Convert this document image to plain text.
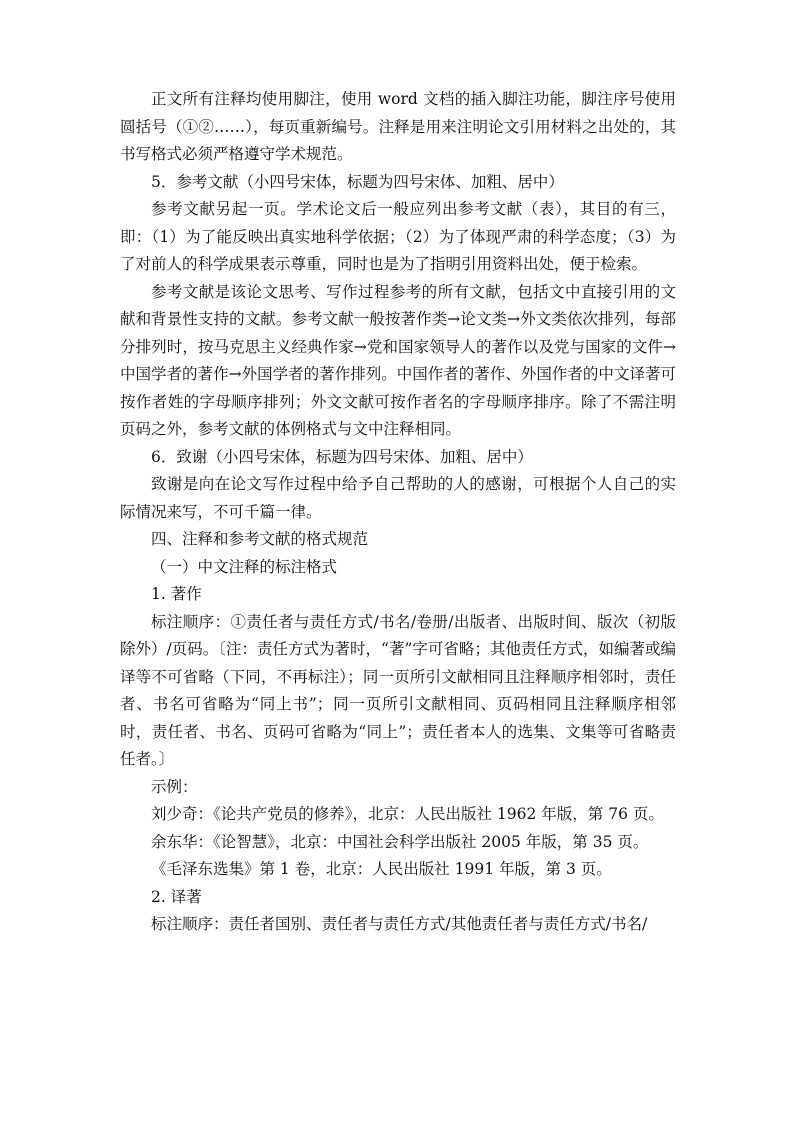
正文所有注释均使用脚注，使用 word 文档的插入脚注功能，脚注序号使用圆括号（①②……），每页重新编号。注释是用来注明论文引用材料之出处的，其书写格式必须严格遵守学术规范。

5．参考文献（小四号宋体，标题为四号宋体、加粗、居中）

参考文献另起一页。学术论文后一般应列出参考文献（表），其目的有三，即：（1）为了能反映出真实地科学依据；（2）为了体现严肃的科学态度；（3）为了对前人的科学成果表示尊重，同时也是为了指明引用资料出处，便于检索。

参考文献是该论文思考、写作过程参考的所有文献，包括文中直接引用的文献和背景性支持的文献。参考文献一般按著作类→论文类→外文类依次排列，每部分排列时，按马克思主义经典作家→党和国家领导人的著作以及党与国家的文件→中国学者的著作→外国学者的著作排列。中国作者的著作、外国作者的中文译著可按作者姓的字母顺序排列；外文文献可按作者名的字母顺序排序。除了不需注明页码之外，参考文献的体例格式与文中注释相同。

6．致谢（小四号宋体，标题为四号宋体、加粗、居中）

致谢是向在论文写作过程中给予自己帮助的人的感谢，可根据个人自己的实际情况来写，不可千篇一律。

四、注释和参考文献的格式规范

（一）中文注释的标注格式

1. 著作

标注顺序：①责任者与责任方式/书名/卷册/出版者、出版时间、版次（初版除外）/页码。〔注：责任方式为著时，“著”字可省略；其他责任方式，如编著或编译等不可省略（下同，不再标注）；同一页所引文献相同且注释顺序相邻时，责任者、书名可省略为“同上书”；同一页所引文献相同、页码相同且注释顺序相邻时，责任者、书名、页码可省略为“同上”；责任者本人的选集、文集等可省略责任者。〕

示例：

刘少奇：《论共产党员的修养》，北京：人民出版社 1962 年版，第 76 页。

余东华：《论智慧》，北京：中国社会科学出版社 2005 年版，第 35 页。

《毛泽东选集》第 1 卷，北京：人民出版社 1991 年版，第 3 页。

2. 译著

标注顺序：责任者国别、责任者与责任方式/其他责任者与责任方式/书名/
